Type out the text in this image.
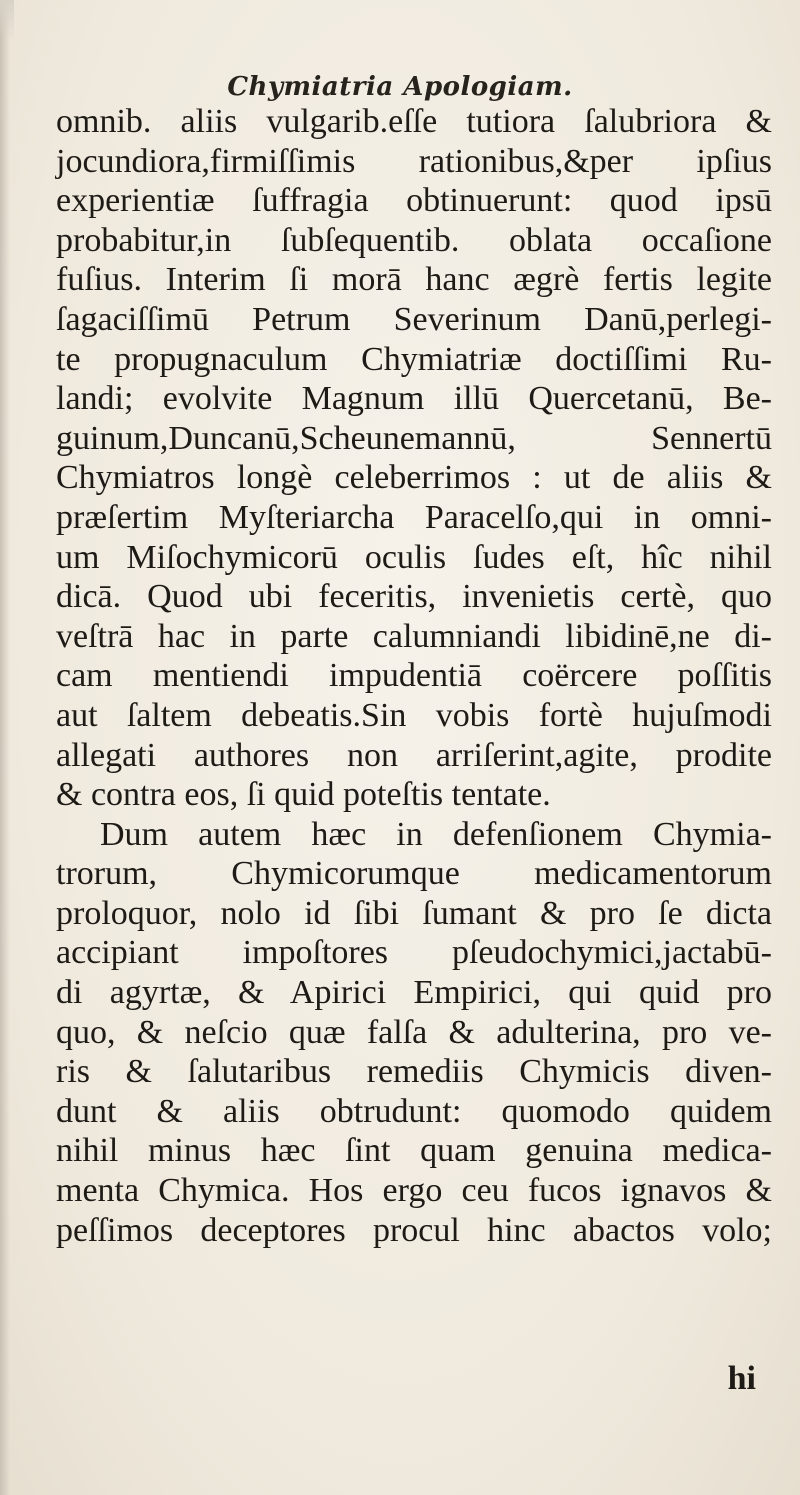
Chymiatria Apologiam.
omnib. aliis vulgarib.eſſe tutiora ſalubriora &
jocundiora,firmiſſimis rationibus,&per ipſius
experientiæ ſuffragia obtinuerunt: quod ipsū
probabitur,in ſubſequentib. oblata occaſione
fuſius. Interim ſi morā hanc ægrè fertis legite
ſagaciſſimū Petrum Severinum Danū,perlegi-
te propugnaculum Chymiatriæ doctiſſimi Ru-
landi; evolvite Magnum illū Quercetanū, Be-
guinum,Duncanū,Scheunemannū, Sennertū
Chymiatros longè celeberrimos : ut de aliis &
præſertim Myſteriarcha Paracelſo,qui in omni-
um Miſochymicorū oculis ſudes eſt, hîc nihil
dicā. Quod ubi feceritis, invenietis certè, quo
veſtrā hac in parte calumniandi libidinē,ne di-
cam mentiendi impudentiā coërcere poſſitis
aut ſaltem debeatis.Sin vobis fortè hujuſmodi
allegati authores non arriſerint,agite, prodite
& contra eos, ſi quid poteſtis tentate.
Dum autem hæc in defenſionem Chymia-
trorum, Chymicorumque medicamentorum
proloquor, nolo id ſibi ſumant & pro ſe dicta
accipiant impoſtores pſeudochymici,jactabū-
di agyrtæ, & Apirici Empirici, qui quid pro
quo, & neſcio quæ falſa & adulterina, pro ve-
ris & ſalutaribus remediis Chymicis diven-
dunt & aliis obtrudunt: quomodo quidem
nihil minus hæc ſint quam genuina medica-
menta Chymica. Hos ergo ceu fucos ignavos &
peſſimos deceptores procul hinc abactos volo;
hi
